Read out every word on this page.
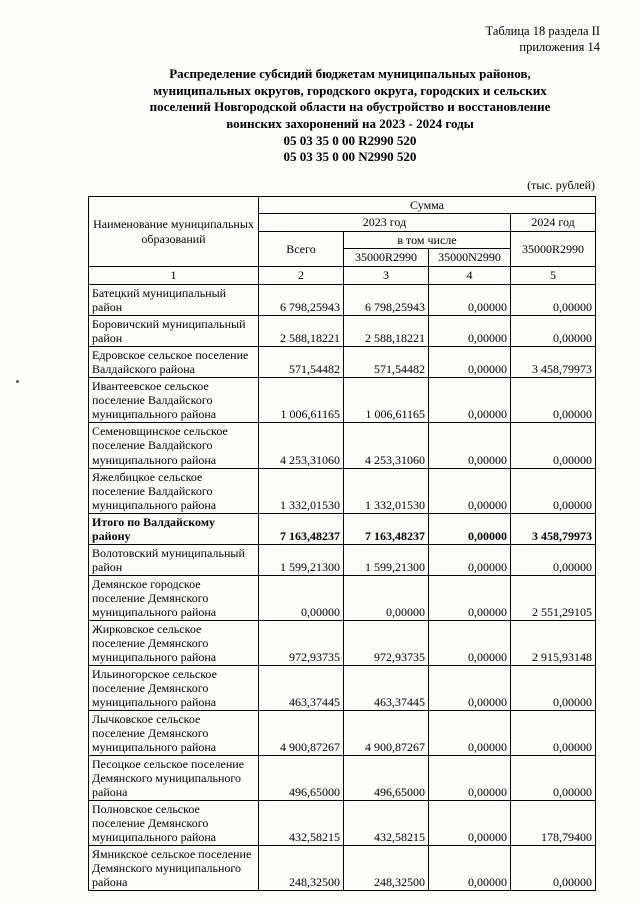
Таблица 18 раздела II
приложения 14
Распределение субсидий бюджетам муниципальных районов,
муниципальных округов, городского округа, городских и сельских
поселений Новгородской области на обустройство и восстановление
воинских захоронений на 2023 - 2024 годы
05 03 35 0 00 R2990 520
05 03 35 0 00 N2990 520
(тыс. рублей)
Наименование муниципальных образований	Сумма			
	2023 год			2024 год
	Всего	в том числе		35000R2990
		35000R2990	35000N2990	
1	2	3	4	5
Батецкий муниципальный район	6 798,25943	6 798,25943	0,00000	0,00000
Боровичский муниципальный район	2 588,18221	2 588,18221	0,00000	0,00000
Едровское сельское поселение Валдайского района	571,54482	571,54482	0,00000	3 458,79973
Ивантеевское сельское поселение Валдайского муниципального района	1 006,61165	1 006,61165	0,00000	0,00000
Семеновщинское сельское поселение Валдайского муниципального района	4 253,31060	4 253,31060	0,00000	0,00000
Яжелбицкое сельское поселение Валдайского муниципального района	1 332,01530	1 332,01530	0,00000	0,00000
Итого по Валдайскому району	7 163,48237	7 163,48237	0,00000	3 458,79973
Волотовский муниципальный район	1 599,21300	1 599,21300	0,00000	0,00000
Демянское городское поселение Демянского муниципального района	0,00000	0,00000	0,00000	2 551,29105
Жирковское сельское поселение Демянского муниципального района	972,93735	972,93735	0,00000	2 915,93148
Ильиногорское сельское поселение Демянского муниципального района	463,37445	463,37445	0,00000	0,00000
Лычковское сельское поселение Демянского муниципального района	4 900,87267	4 900,87267	0,00000	0,00000
Песоцкое сельское поселение Демянского муниципального района	496,65000	496,65000	0,00000	0,00000
Полновское сельское поселение Демянского муниципального района	432,58215	432,58215	0,00000	178,79400
Ямникское сельское поселение Демянского муниципального района	248,32500	248,32500	0,00000	0,00000
